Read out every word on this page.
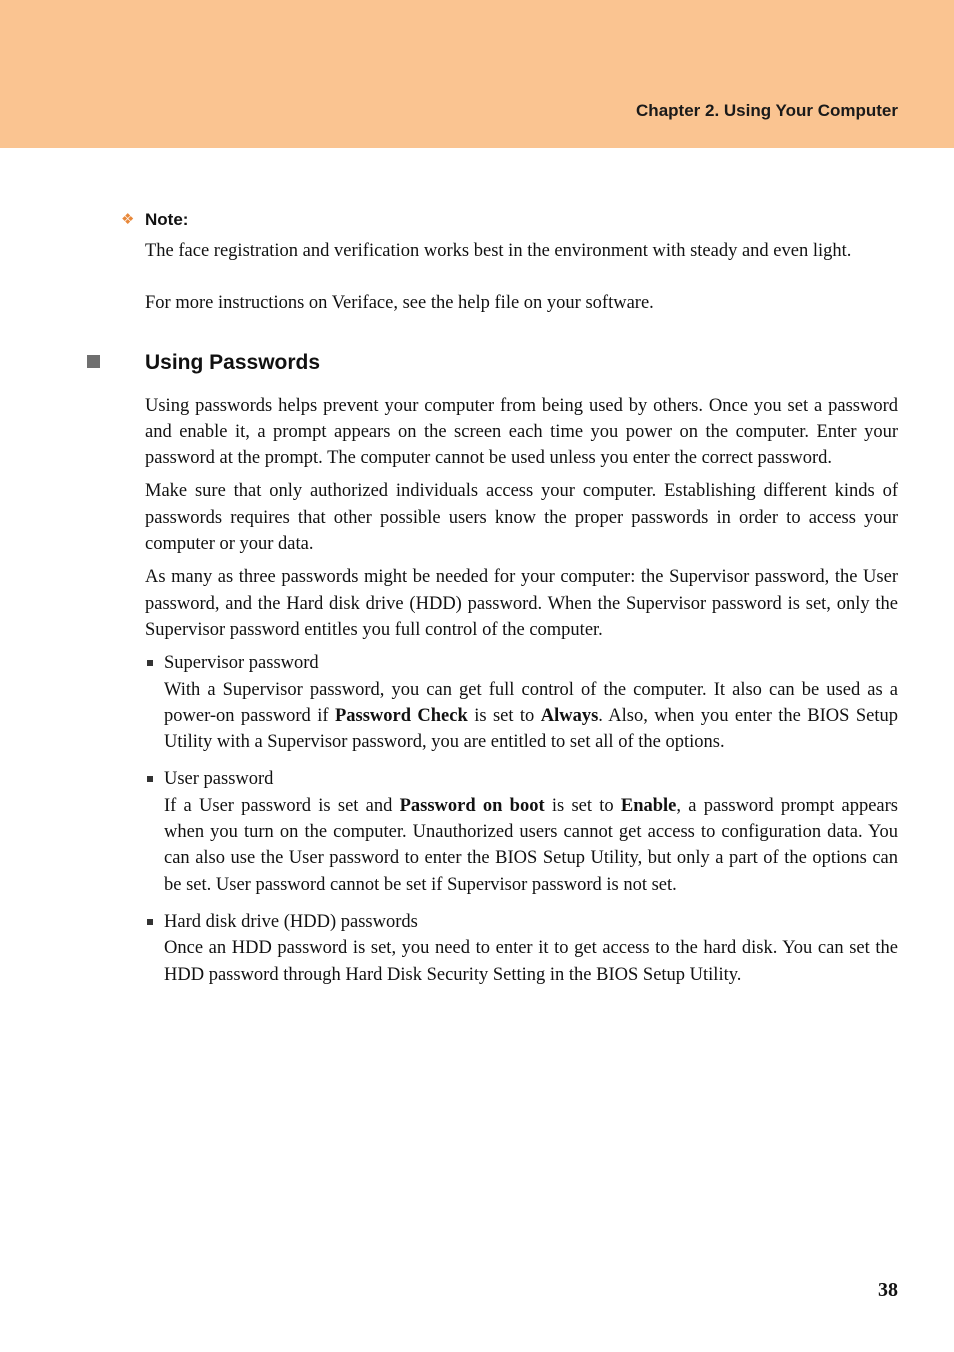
Chapter 2. Using Your Computer
❖ Note:

The face registration and verification works best in the environment with steady and even light.

For more instructions on Veriface, see the help file on your software.

Using Passwords

Using passwords helps prevent your computer from being used by others. Once you set a password and enable it, a prompt appears on the screen each time you power on the computer. Enter your password at the prompt. The computer cannot be used unless you enter the correct password.

Make sure that only authorized individuals access your computer. Establishing different kinds of passwords requires that other possible users know the proper passwords in order to access your computer or your data.

As many as three passwords might be needed for your computer: the Supervisor password, the User password, and the Hard disk drive (HDD) password. When the Supervisor password is set, only the Supervisor password entitles you full control of the computer.

Supervisor password

With a Supervisor password, you can get full control of the computer. It also can be used as a power-on password if Password Check is set to Always. Also, when you enter the BIOS Setup Utility with a Supervisor password, you are entitled to set all of the options.

User password

If a User password is set and Password on boot is set to Enable, a password prompt appears when you turn on the computer. Unauthorized users cannot get access to configuration data. You can also use the User password to enter the BIOS Setup Utility, but only a part of the options can be set. User password cannot be set if Supervisor password is not set.

Hard disk drive (HDD) passwords

Once an HDD password is set, you need to enter it to get access to the hard disk. You can set the HDD password through Hard Disk Security Setting in the BIOS Setup Utility.

38
